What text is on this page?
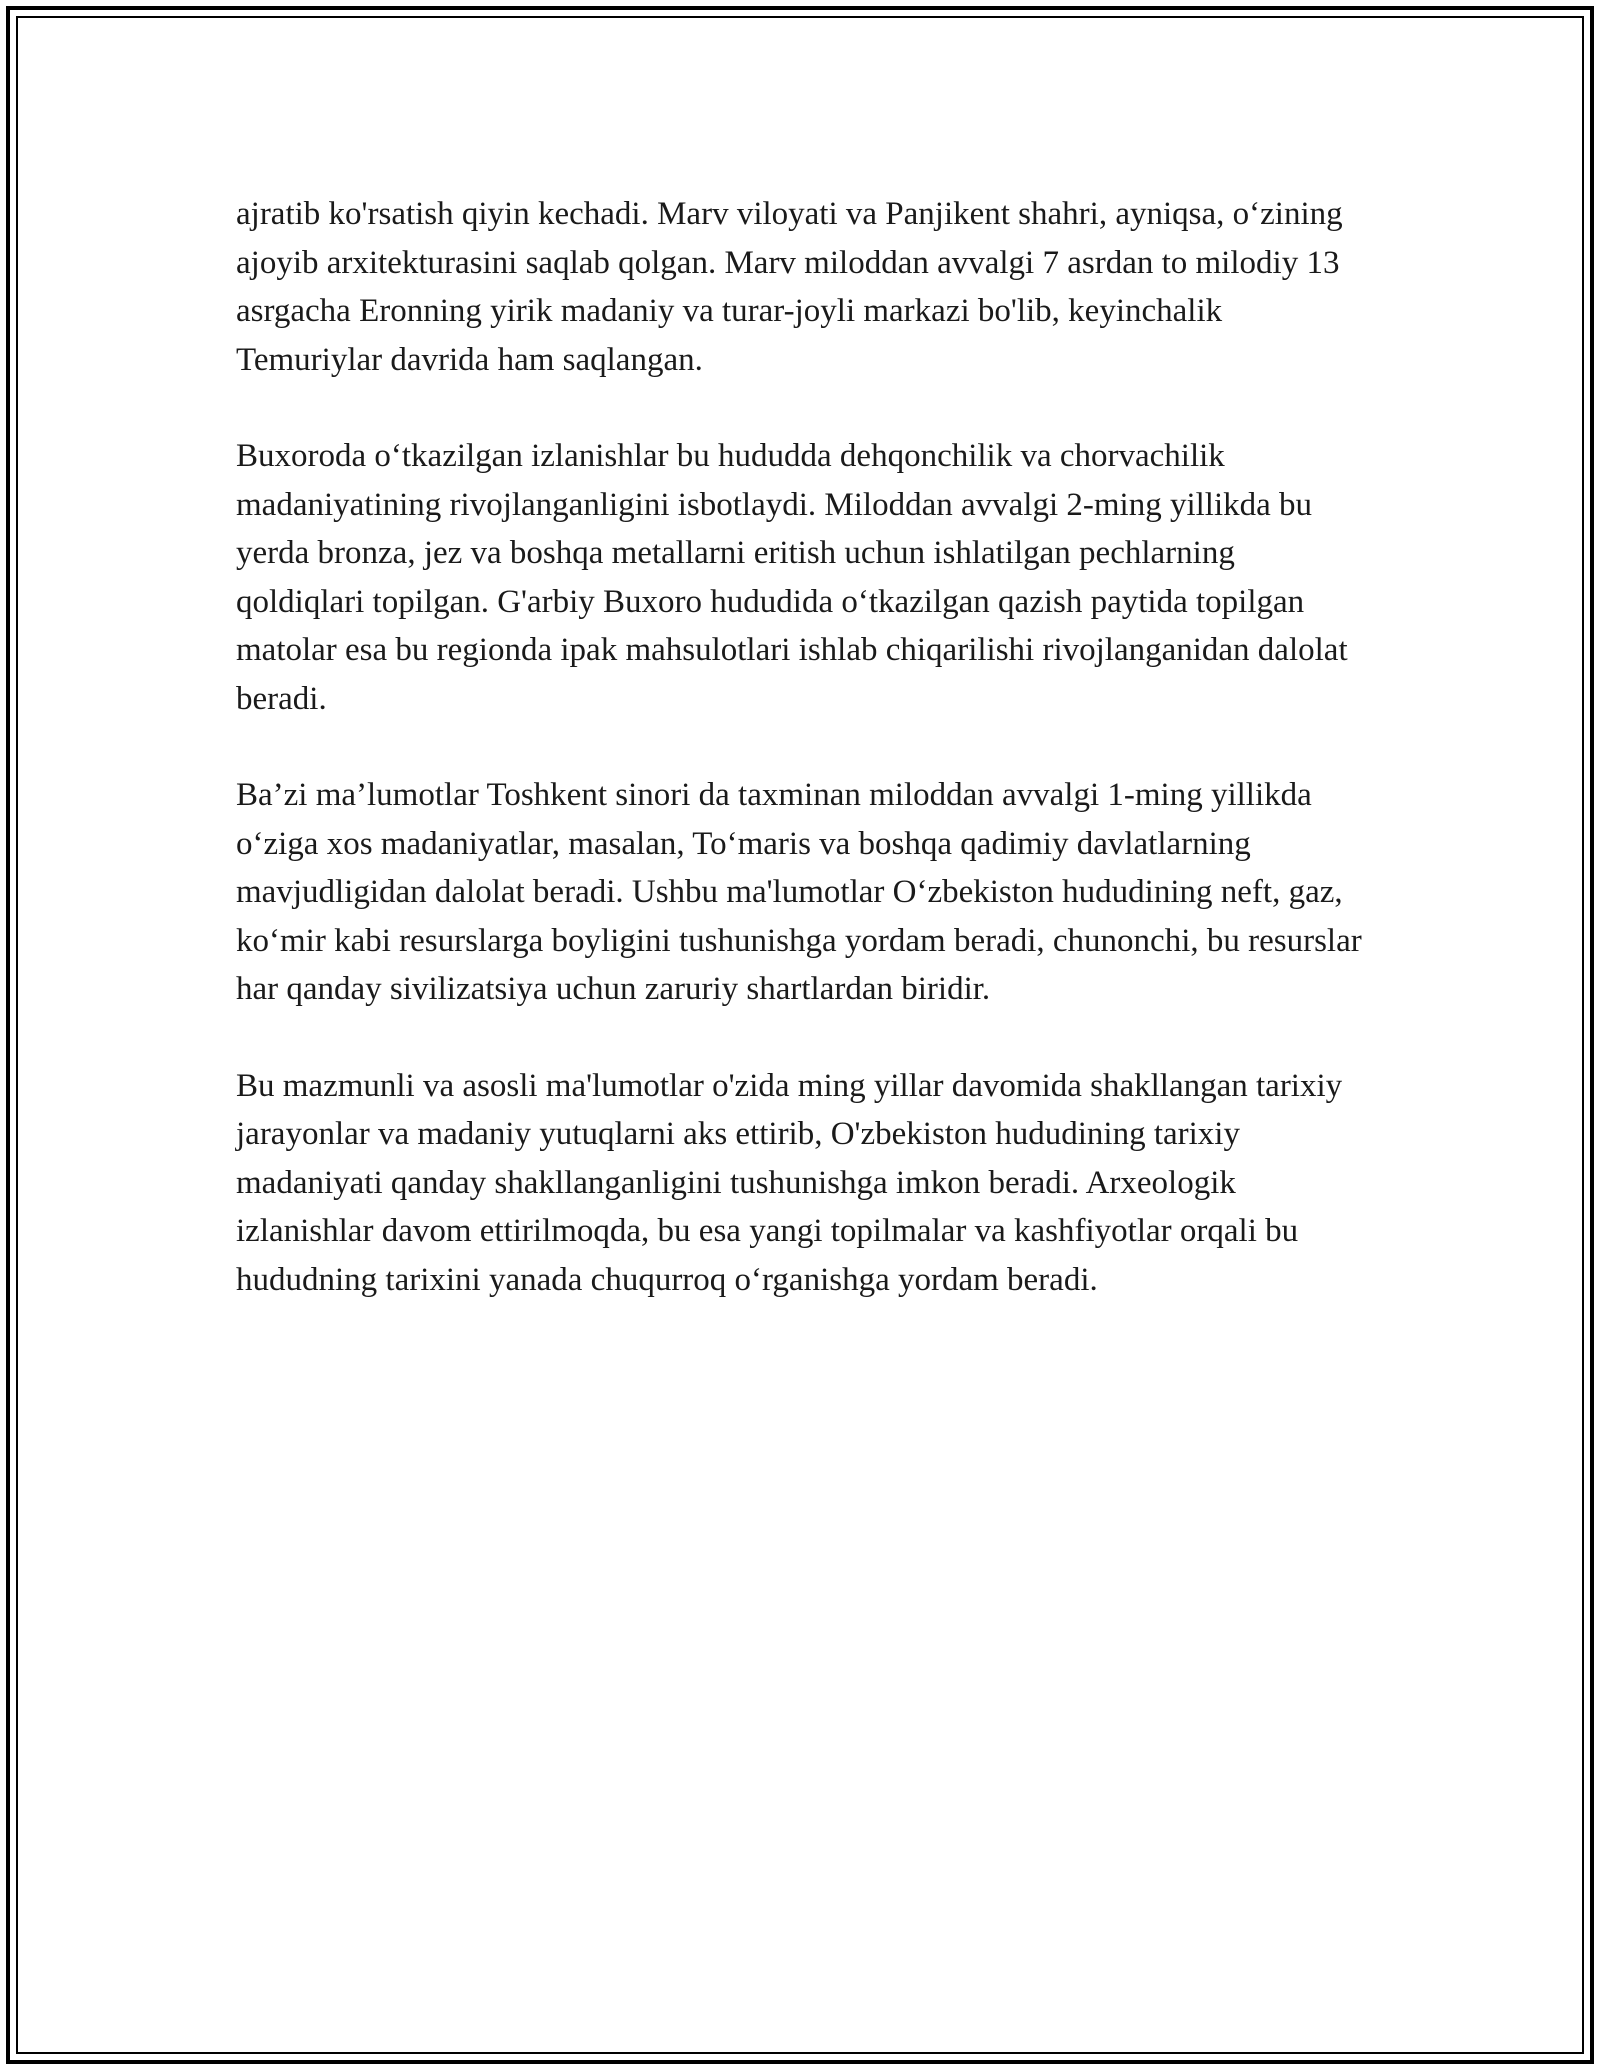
ajratib ko'rsatish qiyin kechadi. Marv viloyati va Panjikent shahri, ayniqsa, o‘zining ajoyib arxitekturasini saqlab qolgan. Marv miloddan avvalgi 7 asrdan to milodiy 13 asrgacha Eronning yirik madaniy va turar-joyli markazi bo'lib, keyinchalik Temuriylar davrida ham saqlangan.

Buxoroda o‘tkazilgan izlanishlar bu hududda dehqonchilik va chorvachilik madaniyatining rivojlanganligini isbotlaydi. Miloddan avvalgi 2-ming yillikda bu yerda bronza, jez va boshqa metallarni eritish uchun ishlatilgan pechlarning qoldiqlari topilgan. G'arbiy Buxoro hududida o‘tkazilgan qazish paytida topilgan matolar esa bu regionda ipak mahsulotlari ishlab chiqarilishi rivojlanganidan dalolat beradi.

Ba’zi ma’lumotlar Toshkent sinori da taxminan miloddan avvalgi 1-ming yillikda o‘ziga xos madaniyatlar, masalan, To‘maris va boshqa qadimiy davlatlarning mavjudligidan dalolat beradi. Ushbu ma'lumotlar O‘zbekiston hududining neft, gaz, ko‘mir kabi resurslarga boyligini tushunishga yordam beradi, chunonchi, bu resurslar har qanday sivilizatsiya uchun zaruriy shartlardan biridir.

Bu mazmunli va asosli ma'lumotlar o'zida ming yillar davomida shakllangan tarixiy jarayonlar va madaniy yutuqlarni aks ettirib, O'zbekiston hududining tarixiy madaniyati qanday shakllanganligini tushunishga imkon beradi. Arxeologik izlanishlar davom ettirilmoqda, bu esa yangi topilmalar va kashfiyotlar orqali bu hududning tarixini yanada chuqurroq o‘rganishga yordam beradi.
